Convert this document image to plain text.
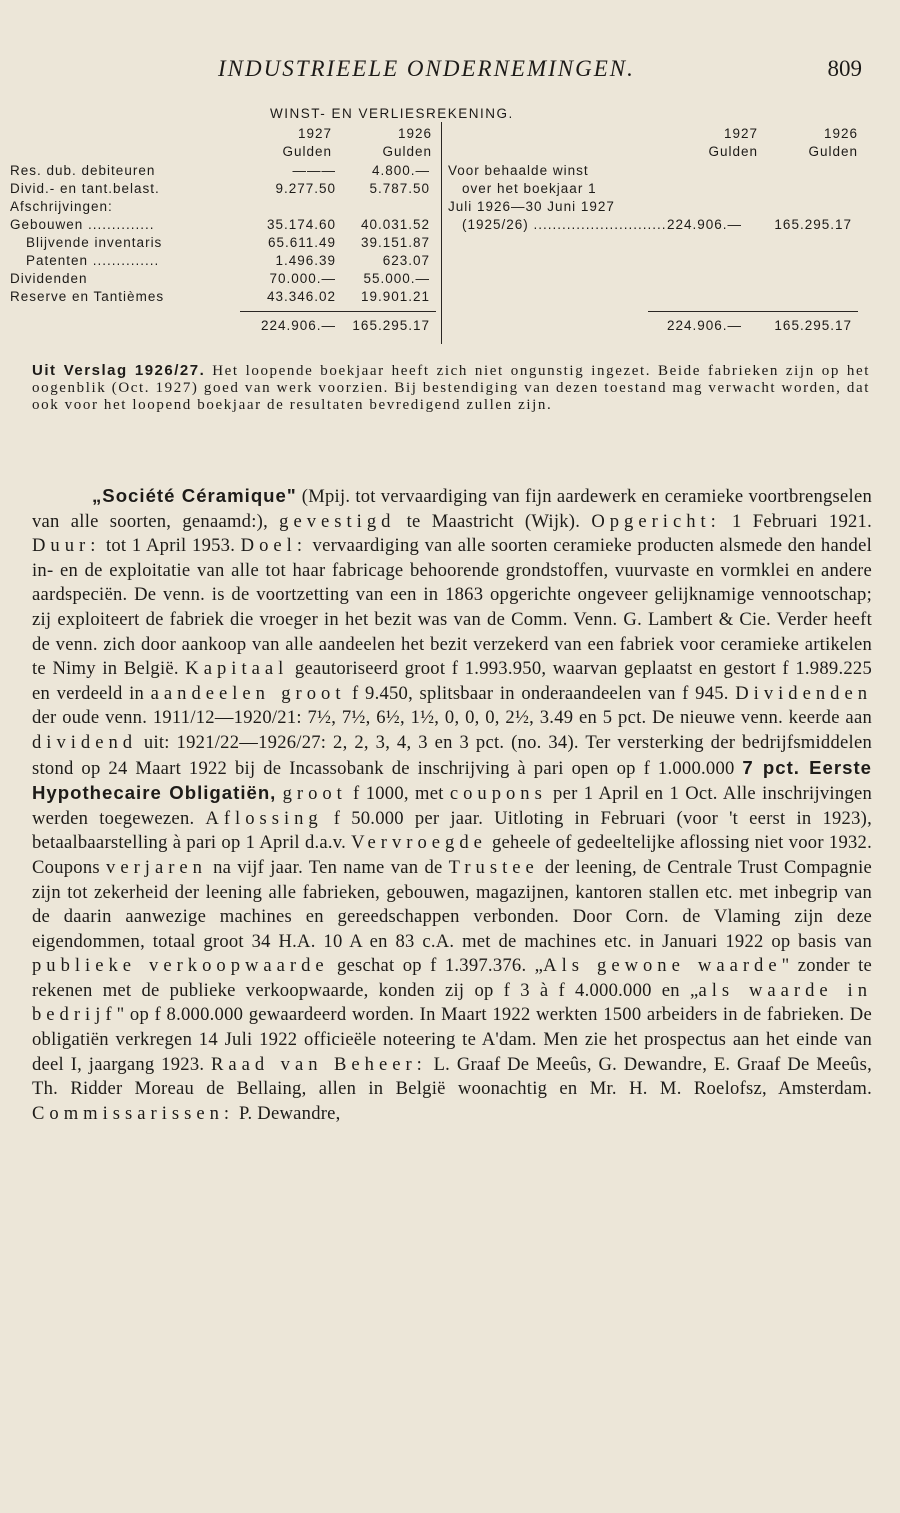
INDUSTRIEELE ONDERNEMINGEN.	809
WINST- EN VERLIESREKENING.
1927	1926
Gulden	Gulden
1927	1926
Gulden	Gulden
Res. dub. debiteuren	———	4.800.—
Divid.- en tant.belast.	9.277.50	5.787.50
Afschrijvingen:
Gebouwen ..............	35.174.60	40.031.52
Blijvende inventaris	65.611.49	39.151.87
Patenten ..............	1.496.39	623.07
Dividenden	70.000.—	55.000.—
Reserve en Tantièmes	43.346.02	19.901.21
224.906.—	165.295.17
Voor behaalde winst
over het boekjaar 1
Juli 1926—30 Juni 1927
(1925/26) ............................ 224.906.—	165.295.17
224.906.—	165.295.17
Uit Verslag 1926/27. Het loopende boekjaar heeft zich niet ongunstig ingezet. Beide fabrieken zijn op het oogenblik (Oct. 1927) goed van werk voorzien. Bij bestendiging van dezen toestand mag verwacht worden, dat ook voor het loopend boekjaar de resultaten bevredigend zullen zijn.

„Société Céramique" (Mpij. tot vervaardiging van fijn aardewerk en ceramieke voortbrengselen van alle soorten, genaamd:), gevestigd te Maastricht (Wijk). Opgericht: 1 Februari 1921. Duur: tot 1 April 1953. Doel: vervaardiging van alle soorten ceramieke producten alsmede den handel in- en de exploitatie van alle tot haar fabricage behoorende grondstoffen, vuurvaste en vormklei en andere aardspeciën. De venn. is de voortzetting van een in 1863 opgerichte ongeveer gelijknamige vennootschap; zij exploiteert de fabriek die vroeger in het bezit was van de Comm. Venn. G. Lambert & Cie. Verder heeft de venn. zich door aankoop van alle aandeelen het bezit verzekerd van een fabriek voor ceramieke artikelen te Nimy in België. Kapitaal geautoriseerd groot f 1.993.950, waarvan geplaatst en gestort f 1.989.225 en verdeeld in aandeelen groot f 9.450, splitsbaar in onderaandeelen van f 945. Dividenden der oude venn. 1911/12—1920/21: 7½, 7½, 6½, 1½, 0, 0, 0, 2½, 3.49 en 5 pct. De nieuwe venn. keerde aan dividend uit: 1921/22—1926/27: 2, 2, 3, 4, 3 en 3 pct. (no. 34). Ter versterking der bedrijfsmiddelen stond op 24 Maart 1922 bij de Incassobank de inschrijving à pari open op f 1.000.000 7 pct. Eerste Hypothecaire Obligatiën, groot f 1000, met coupons per 1 April en 1 Oct. Alle inschrijvingen werden toegewezen. Aflossing f 50.000 per jaar. Uitloting in Februari (voor 't eerst in 1923), betaalbaarstelling à pari op 1 April d.a.v. Vervroegde geheele of gedeeltelijke aflossing niet voor 1932. Coupons verjaren na vijf jaar. Ten name van de Trustee der leening, de Centrale Trust Compagnie zijn tot zekerheid der leening alle fabrieken, gebouwen, magazijnen, kantoren stallen etc. met inbegrip van de daarin aanwezige machines en gereedschappen verbonden. Door Corn. de Vlaming zijn deze eigendommen, totaal groot 34 H.A. 10 A en 83 c.A. met de machines etc. in Januari 1922 op basis van publieke verkoopwaarde geschat op f 1.397.376. „Als gewone waarde" zonder te rekenen met de publieke verkoopwaarde, konden zij op f 3 à f 4.000.000 en „als waarde in bedrijf" op f 8.000.000 gewaardeerd worden. In Maart 1922 werkten 1500 arbeiders in de fabrieken. De obligatiën verkregen 14 Juli 1922 officieële noteering te A'dam. Men zie het prospectus aan het einde van deel I, jaargang 1923. Raad van Beheer: L. Graaf De Meeûs, G. Dewandre, E. Graaf De Meeûs, Th. Ridder Moreau de Bellaing, allen in België woonachtig en Mr. H. M. Roelofsz, Amsterdam. Commissarissen: P. Dewandre,
